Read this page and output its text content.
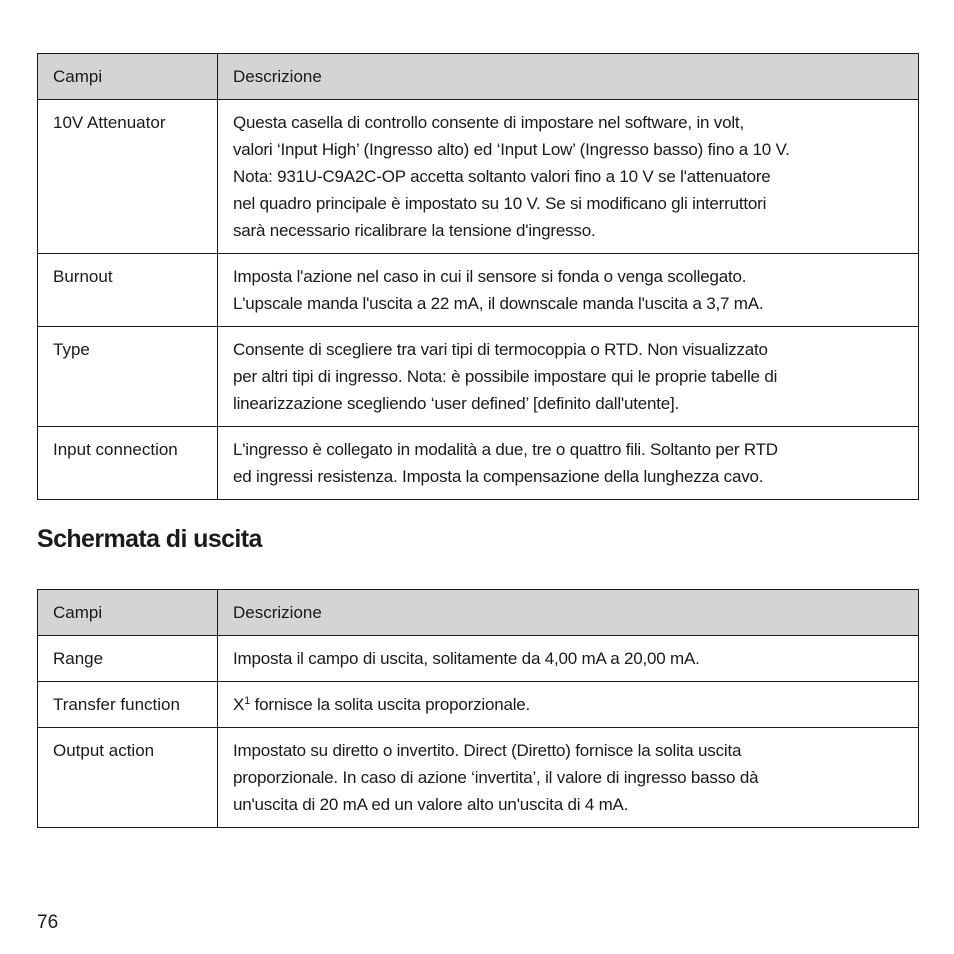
Campi	Descrizione
10V Attenuator	Questa casella di controllo consente di impostare nel software, in volt,
valori ‘Input High’ (Ingresso alto) ed ‘Input Low’ (Ingresso basso) fino a 10 V.
Nota: 931U-C9A2C-OP accetta soltanto valori fino a 10 V se l'attenuatore
nel quadro principale è impostato su 10 V. Se si modificano gli interruttori
sarà necessario ricalibrare la tensione d'ingresso.
Burnout	Imposta l'azione nel caso in cui il sensore si fonda o venga scollegato.
L'upscale manda l'uscita a 22 mA, il downscale manda l'uscita a 3,7 mA.
Type	Consente di scegliere tra vari tipi di termocoppia o RTD. Non visualizzato
per altri tipi di ingresso. Nota: è possibile impostare qui le proprie tabelle di
linearizzazione scegliendo ‘user defined’ [definito dall'utente].
Input connection	L'ingresso è collegato in modalità a due, tre o quattro fili. Soltanto per RTD
ed ingressi resistenza. Imposta la compensazione della lunghezza cavo.
Schermata di uscita
Campi	Descrizione
Range	Imposta il campo di uscita, solitamente da 4,00 mA a 20,00 mA.
Transfer function	$X^1$ fornisce la solita uscita proporzionale.
Output action	Impostato su diretto o invertito. Direct (Diretto) fornisce la solita uscita
proporzionale. In caso di azione ‘invertita’, il valore di ingresso basso dà
un'uscita di 20 mA ed un valore alto un'uscita di 4 mA.
76
